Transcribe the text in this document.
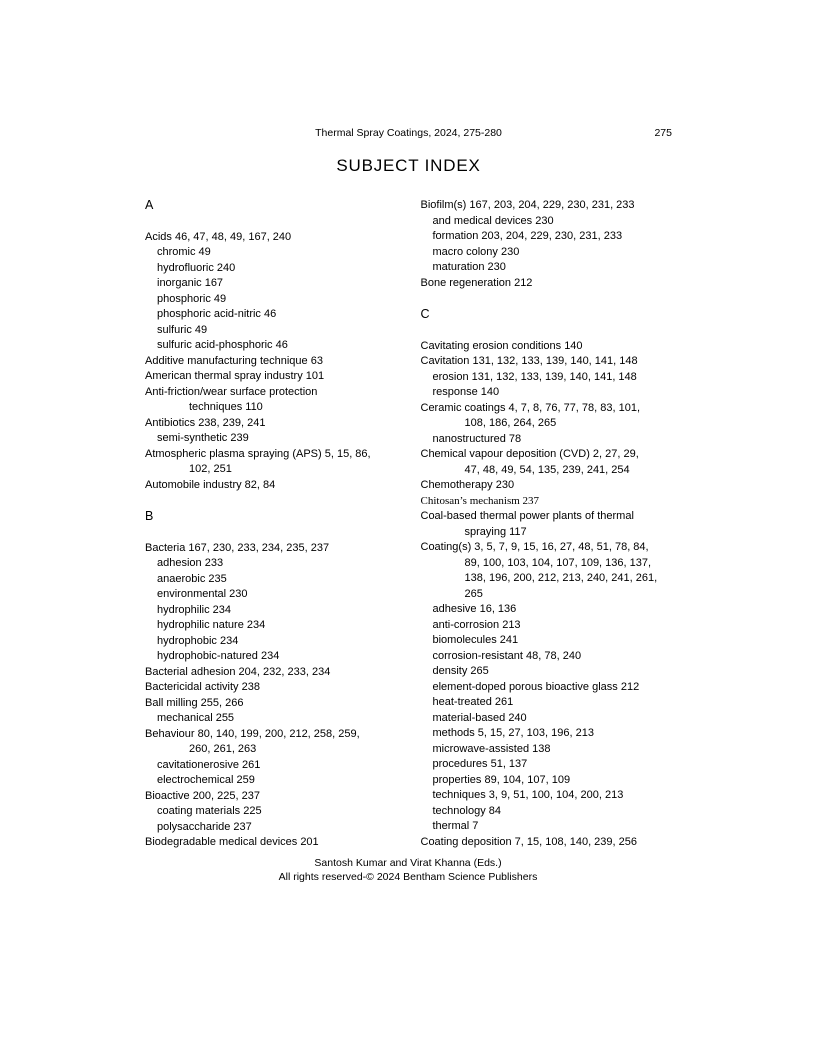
Thermal Spray Coatings, 2024, 275-280	275
SUBJECT INDEX
A
Acids 46, 47, 48, 49, 167, 240
chromic 49
hydrofluoric 240
inorganic 167
phosphoric 49
phosphoric acid-nitric 46
sulfuric 49
sulfuric acid-phosphoric 46
Additive manufacturing technique 63
American thermal spray industry 101
Anti-friction/wear surface protection
techniques 110
Antibiotics 238, 239, 241
semi-synthetic 239
Atmospheric plasma spraying (APS) 5, 15, 86,
102, 251
Automobile industry 82, 84
B
Bacteria 167, 230, 233, 234, 235, 237
adhesion 233
anaerobic 235
environmental 230
hydrophilic 234
hydrophilic nature 234
hydrophobic 234
hydrophobic-natured 234
Bacterial adhesion 204, 232, 233, 234
Bactericidal activity 238
Ball milling 255, 266
mechanical 255
Behaviour 80, 140, 199, 200, 212, 258, 259,
260, 261, 263
cavitationerosive 261
electrochemical 259
Bioactive 200, 225, 237
coating materials 225
polysaccharide 237
Biodegradable medical devices 201
Biofilm(s) 167, 203, 204, 229, 230, 231, 233
and medical devices 230
formation 203, 204, 229, 230, 231, 233
macro colony 230
maturation 230
Bone regeneration 212
C
Cavitating erosion conditions 140
Cavitation 131, 132, 133, 139, 140, 141, 148
erosion 131, 132, 133, 139, 140, 141, 148
response 140
Ceramic coatings 4, 7, 8, 76, 77, 78, 83, 101,
108, 186, 264, 265
nanostructured 78
Chemical vapour deposition (CVD) 2, 27, 29,
47, 48, 49, 54, 135, 239, 241, 254
Chemotherapy 230
Chitosan’s mechanism 237
Coal-based thermal power plants of thermal
spraying 117
Coating(s) 3, 5, 7, 9, 15, 16, 27, 48, 51, 78, 84,
89, 100, 103, 104, 107, 109, 136, 137,
138, 196, 200, 212, 213, 240, 241, 261,
265
adhesive 16, 136
anti-corrosion 213
biomolecules 241
corrosion-resistant 48, 78, 240
density 265
element-doped porous bioactive glass 212
heat-treated 261
material-based 240
methods 5, 15, 27, 103, 196, 213
microwave-assisted 138
procedures 51, 137
properties 89, 104, 107, 109
techniques 3, 9, 51, 100, 104, 200, 213
technology 84
thermal 7
Coating deposition 7, 15, 108, 140, 239, 256
Santosh Kumar and Virat Khanna (Eds.)
All rights reserved-© 2024 Bentham Science Publishers
